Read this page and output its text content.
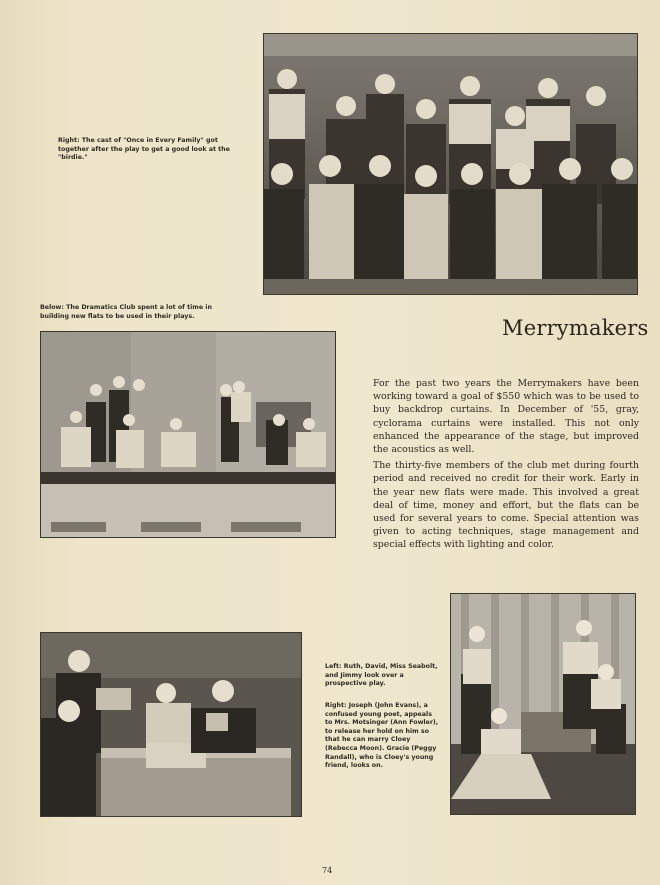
Right: The cast of "Once in Every Family" got together after the play to get a good look at the "birdie."

Below: The Dramatics Club spent a lot of time in building new flats to be used in their plays.	Merrymakers

For the past two years the Merrymakers have been working toward a goal of $550 which was to be used to buy backdrop curtains. In December of '55, gray, cyclorama curtains were installed. This not only enhanced the appearance of the stage, but improved the acoustics as well.

The thirty-five members of the club met during fourth period and received no credit for their work. Early in the year new flats were made. This involved a great deal of time, money and effort, but the flats can be used for several years to come. Special attention was given to acting techniques, stage management and special effects with lighting and color.

Left: Ruth, David, Miss Seabolt, and Jimmy look over a prospective play.

Right: Joseph (John Evans), a confused young poet, appeals to Mrs. Motsinger (Ann Fowler), to release her hold on him so that he can marry Cloey (Rebecca Moon). Gracie (Peggy Randall), who is Cloey's young friend, looks on.

74
